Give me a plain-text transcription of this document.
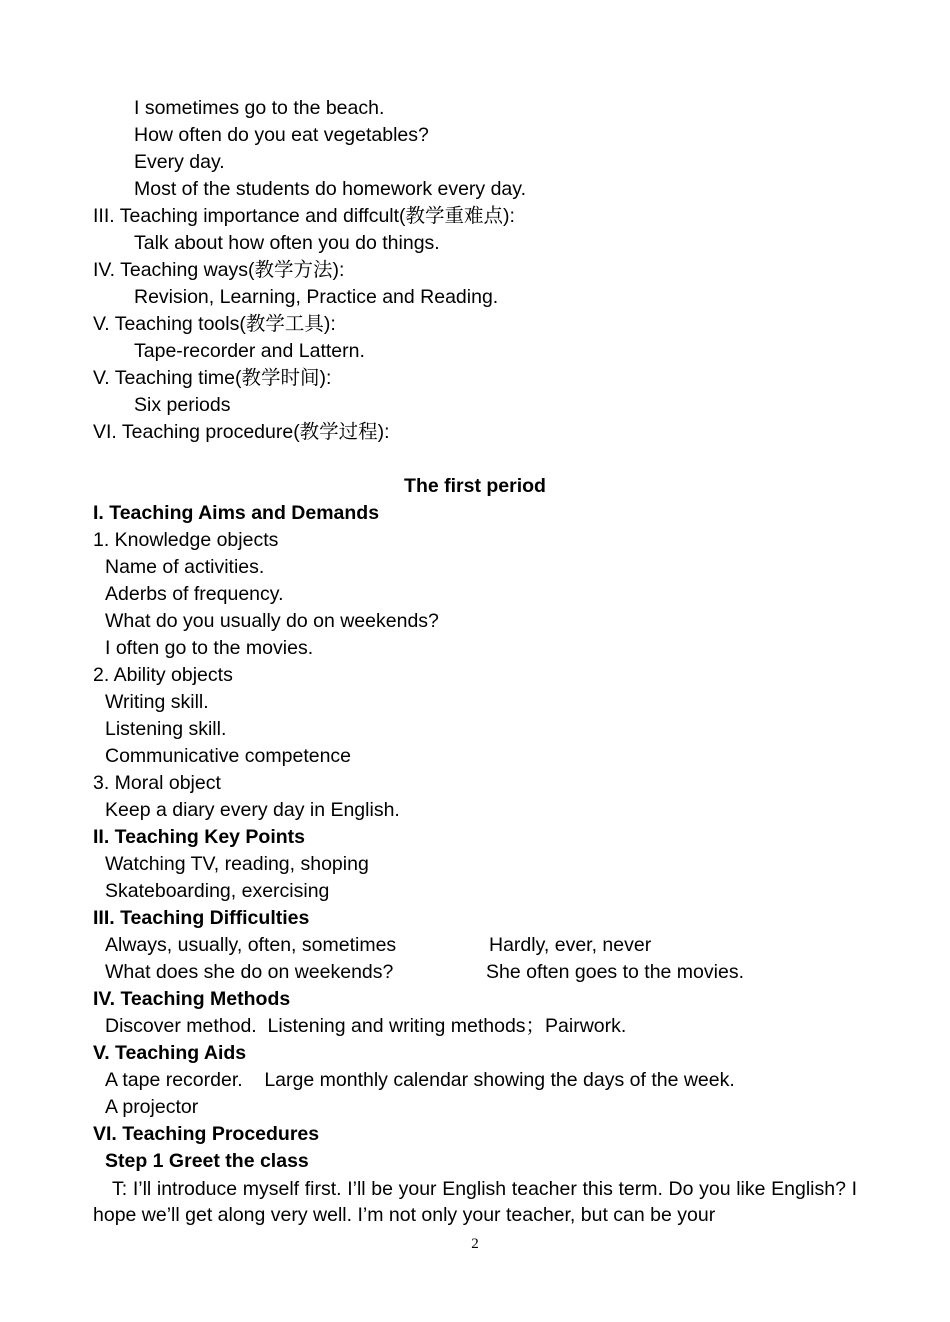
I sometimes go to the beach.
How often do you eat vegetables?
Every day.
Most of the students do homework every day.
III. Teaching importance and diffcult(教学重难点):
Talk about how often you do things.
IV. Teaching ways(教学方法):
Revision, Learning, Practice and Reading.
V. Teaching tools(教学工具):
Tape-recorder and Lattern.
V. Teaching time(教学时间):
Six periods
VI. Teaching procedure(教学过程):
The first period
I. Teaching Aims and Demands
1. Knowledge objects
Name of activities.
Aderbs of frequency.
What do you usually do on weekends?
I often go to the movies.
2. Ability objects
Writing skill.
Listening skill.
Communicative competence
3. Moral object
Keep a diary every day in English.
II. Teaching Key Points
Watching TV, reading, shoping
Skateboarding, exercising
III. Teaching Difficulties
Always, usually, often, sometimes	Hardly, ever, never
What does she do on weekends?	She often goes to the movies.
IV. Teaching Methods
Discover method.  Listening and writing methods；Pairwork.
V. Teaching Aids
A tape recorder.    Large monthly calendar showing the days of the week.
A projector
VI. Teaching Procedures
Step 1 Greet the class
T: I’ll introduce myself first. I’ll be your English teacher this term. Do you like English? I hope we’ll get along very well. I’m not only your teacher, but can be your
2
